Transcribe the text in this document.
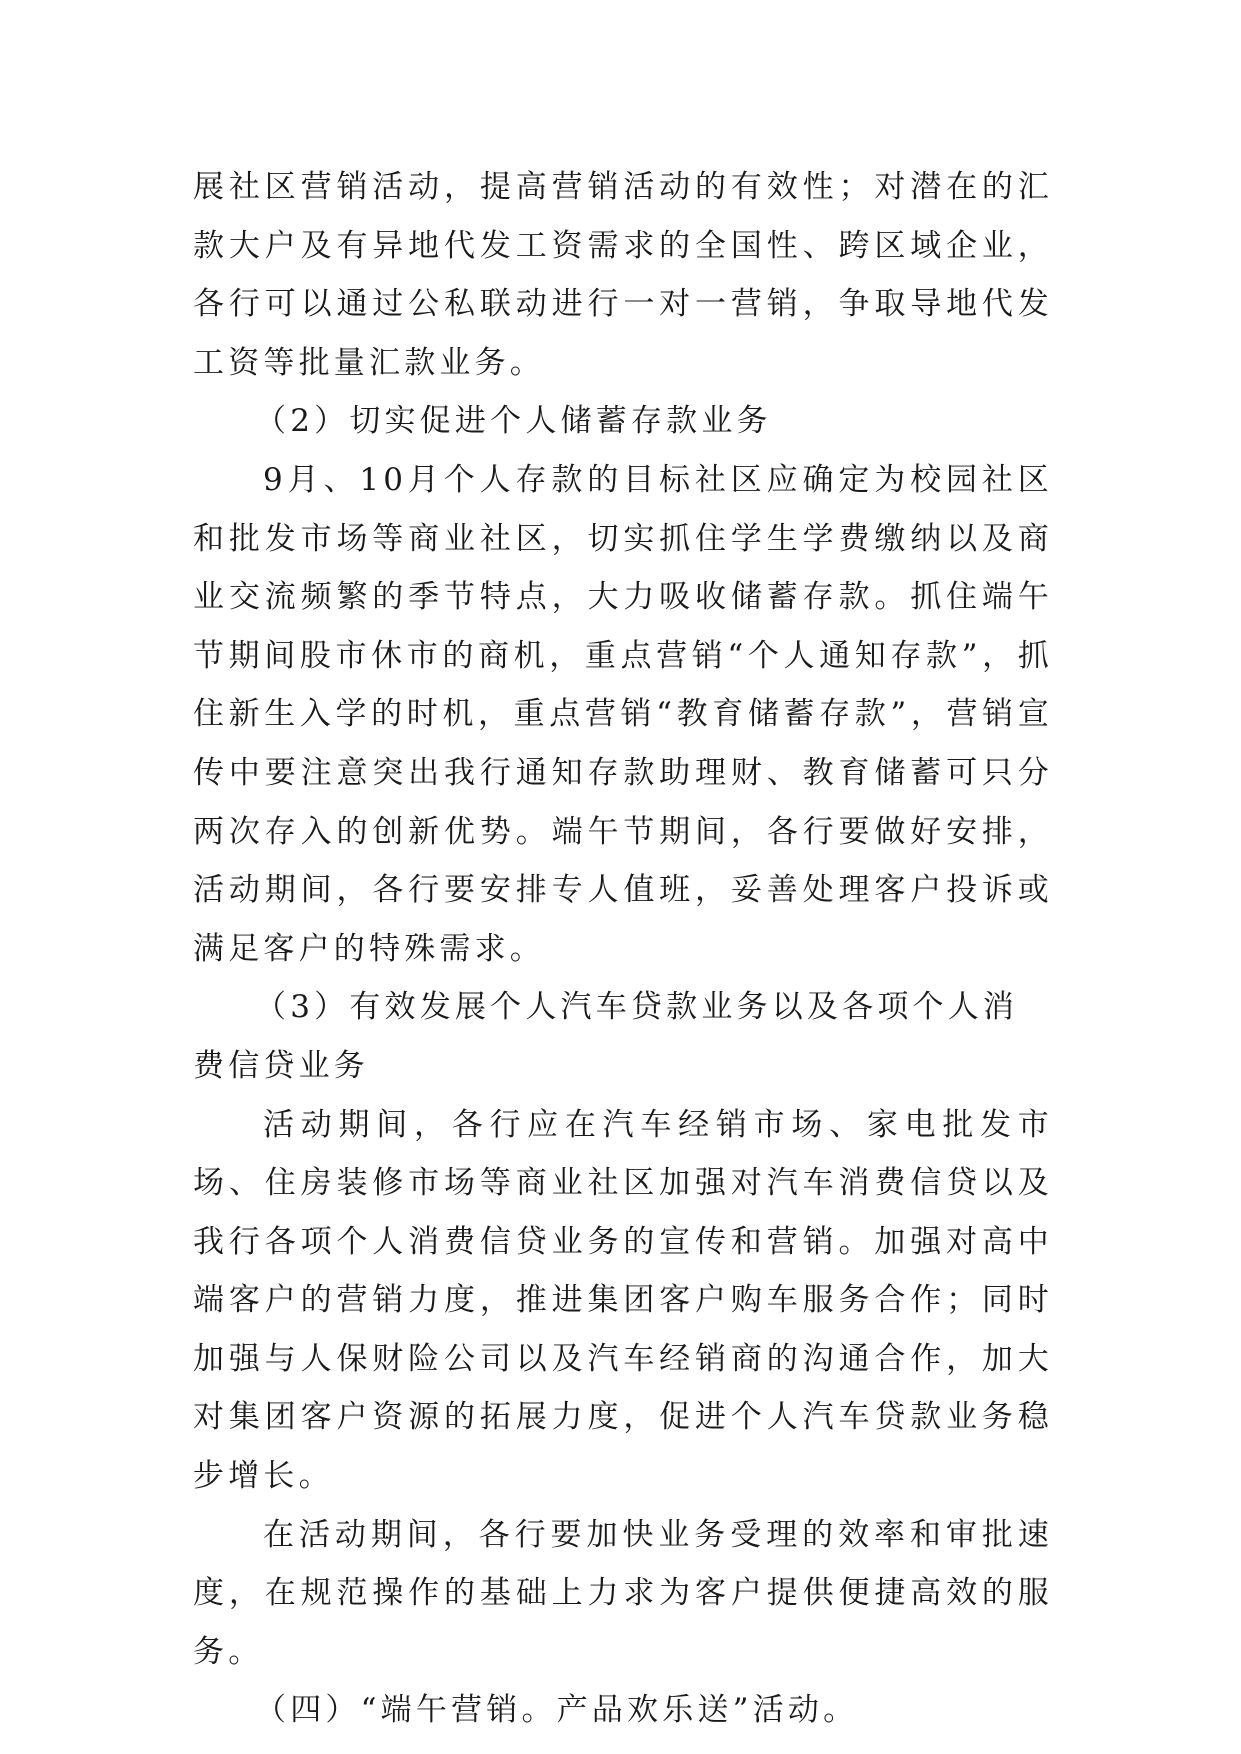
展社区营销活动，提高营销活动的有效性；对潜在的汇款大户及有异地代发工资需求的全国性、跨区域企业，各行可以通过公私联动进行一对一营销，争取导地代发工资等批量汇款业务。

（2）切实促进个人储蓄存款业务

9月、10月个人存款的目标社区应确定为校园社区和批发市场等商业社区，切实抓住学生学费缴纳以及商业交流频繁的季节特点，大力吸收储蓄存款。抓住端午节期间股市休市的商机，重点营销“个人通知存款”，抓住新生入学的时机，重点营销“教育储蓄存款”，营销宣传中要注意突出我行通知存款助理财、教育储蓄可只分两次存入的创新优势。端午节期间，各行要做好安排，活动期间，各行要安排专人值班，妥善处理客户投诉或满足客户的特殊需求。

（3）有效发展个人汽车贷款业务以及各项个人消费信贷业务

活动期间，各行应在汽车经销市场、家电批发市场、住房装修市场等商业社区加强对汽车消费信贷以及我行各项个人消费信贷业务的宣传和营销。加强对高中端客户的营销力度，推进集团客户购车服务合作；同时加强与人保财险公司以及汽车经销商的沟通合作，加大对集团客户资源的拓展力度，促进个人汽车贷款业务稳步增长。

在活动期间，各行要加快业务受理的效率和审批速度，在规范操作的基础上力求为客户提供便捷高效的服务。

（四）“端午营销。产品欢乐送”活动。
